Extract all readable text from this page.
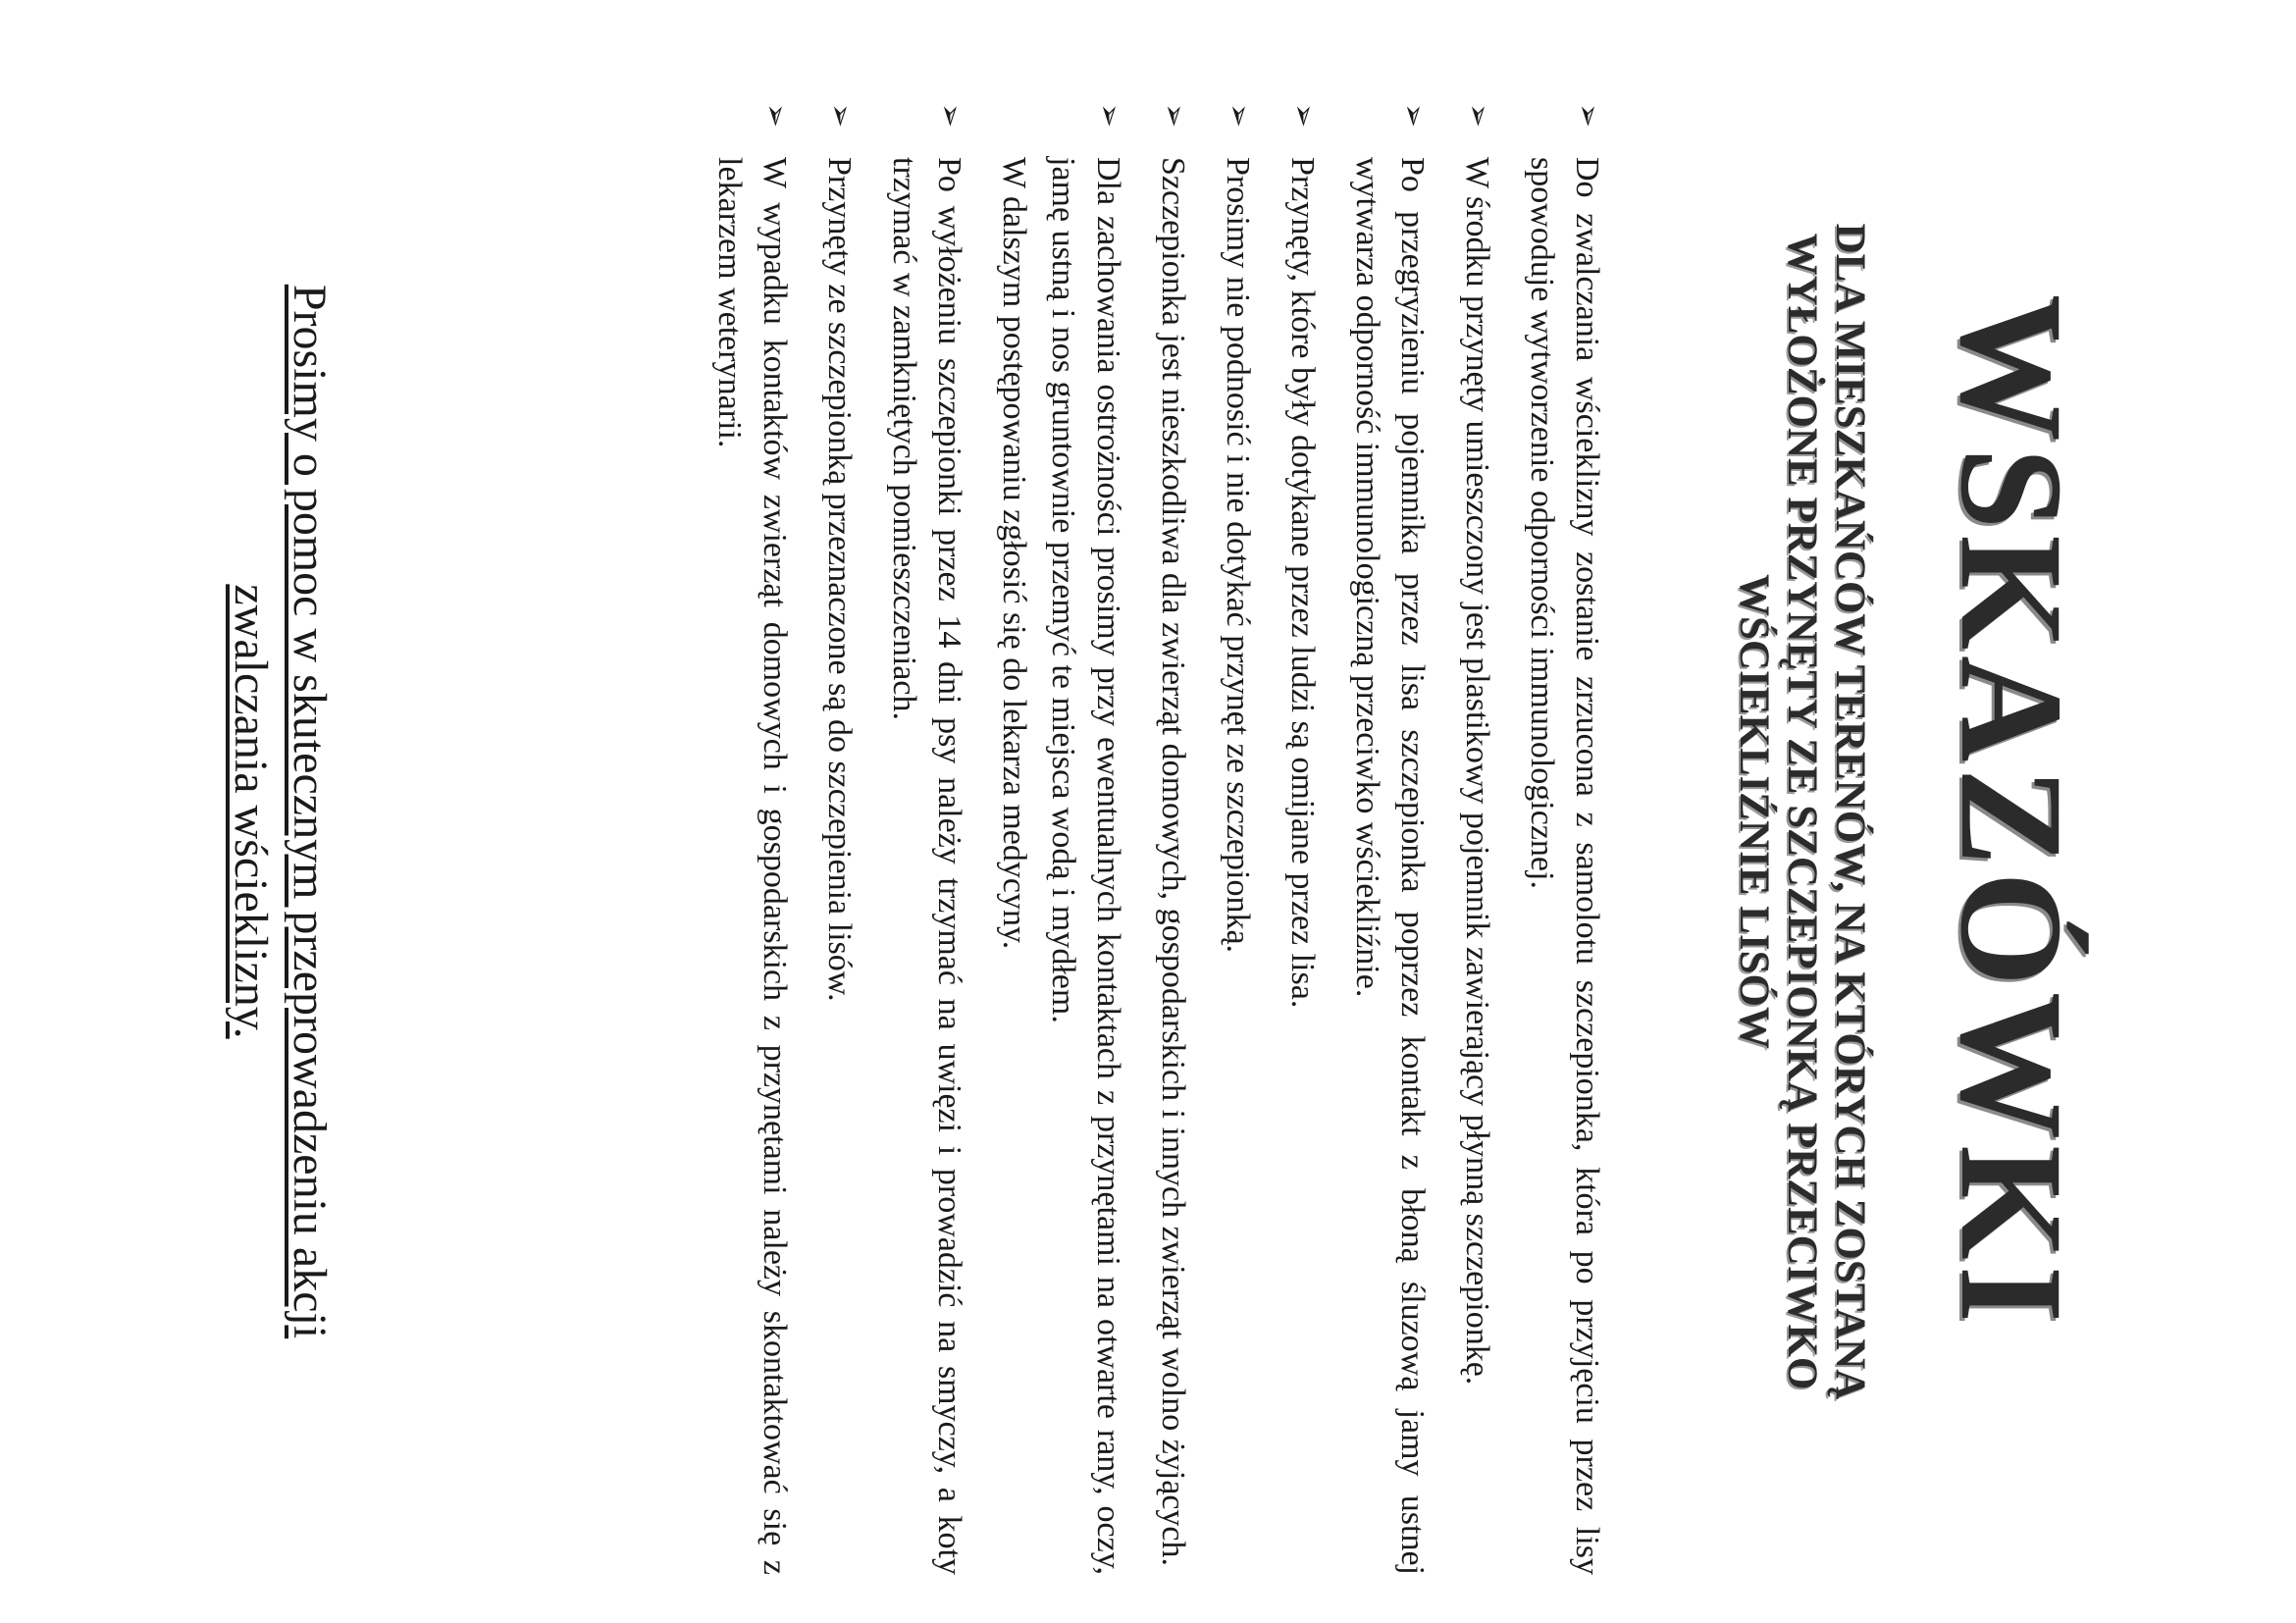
WSKAZÓWKI
DLA MIESZKAŃCÓW TERENÓW, NA KTÓRYCH ZOSTANĄ
WYŁOŻONE PRZYNĘTY ZE SZCZEPIONKĄ PRZECIWKO
WŚCIEKLIŹNIE LISÓW
➢
Do zwalczania wścieklizny zostanie zrzucona z samolotu szczepionka, która po przyjęciu przez lisy spowoduje wytworzenie odporności immunologicznej.
➢
W środku przynęty umieszczony jest plastikowy pojemnik zawierający płynną szczepionkę.
➢
Po przegryzieniu pojemnika przez lisa szczepionka poprzez kontakt z błoną śluzową jamy ustnej wytwarza odporność immunologiczną przeciwko wściekliźnie.
➢
Przynęty, które były dotykane przez ludzi są omijane przez lisa.
➢
Prosimy nie podnosić i nie dotykać przynęt ze szczepionką.
➢
Szczepionka jest nieszkodliwa dla zwierząt domowych, gospodarskich i innych zwierząt wolno żyjących.
➢
Dla zachowania ostrożności prosimy przy ewentualnych kontaktach z przynętami na otwarte rany, oczy, jamę ustną i nos gruntownie przemyć te miejsca wodą i mydłem.
W dalszym postępowaniu zgłosić się do lekarza medycyny.
➢
Po wyłożeniu szczepionki przez 14 dni psy należy trzymać na uwięzi i prowadzić na smyczy, a koty trzymać w zamkniętych pomieszczeniach.
➢
Przynęty ze szczepionką przeznaczone są do szczepienia lisów.
➢
W wypadku kontaktów zwierząt domowych i gospodarskich z przynętami należy skontaktować się z lekarzem weterynarii.

Prosimy o pomoc w skutecznym przeprowadzeniu akcji
zwalczania wścieklizny.
